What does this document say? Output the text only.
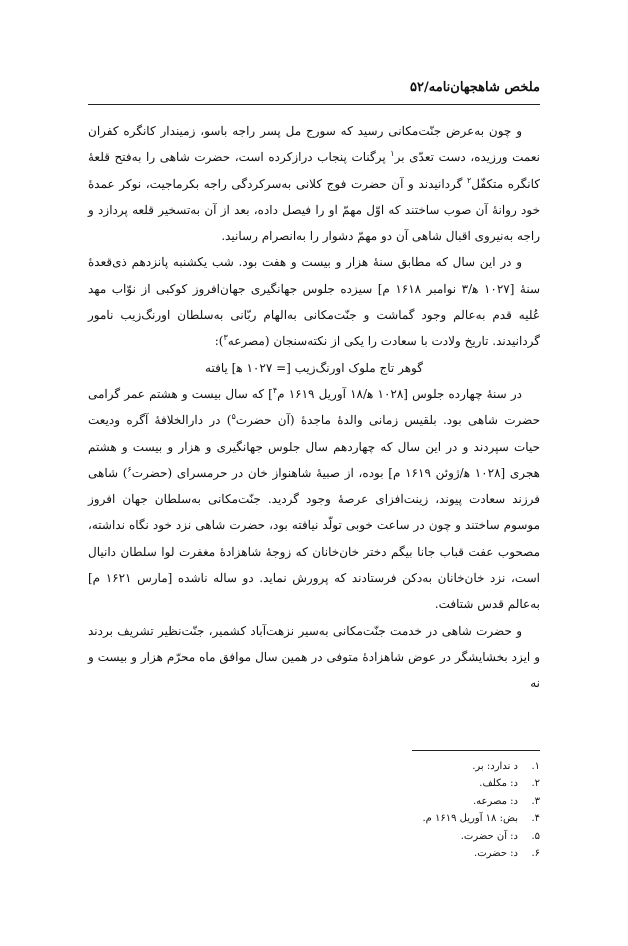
ملخص شاهجهان‌نامه/۵۲

و چون به‌عرض جنّت‌مکانی رسید که سورج مل پسر راجه باسو، زمیندار کانگره کفران نعمت ورزیده، دست تعدّی بر$^۱$ پرگنات پنجاب درازکرده است، حضرت شاهی را به‌فتح قلعهٔ کانگره متکفّل$^۲$ گردانیدند و آن حضرت فوج کلانی به‌سرکردگی راجه بکرماجیت، نوکر عمدهٔ خود روانهٔ آن صوب ساختند که اوّل مهمّ او را فیصل داده، بعد از آن به‌تسخیر قلعه پردازد و راجه به‌نیروی اقبال شاهی آن دو مهمّ دشوار را به‌انصرام رسانید.

و در این سال که مطابق سنهٔ هزار و بیست و هفت بود. شب یکشنبه پانزدهم ذی‌قعدهٔ سنهٔ [۱۰۲۷ ه‍/۳ نوامبر ۱۶۱۸ م] سیزده جلوس جهانگیری جهان‌افروز کوکبی از نوّاب مهد عُلیه قدم به‌عالم وجود گماشت و جنّت‌مکانی به‌الهام ربّانی به‌سلطان اورنگ‌زیب نامور گردانیدند. تاریخ ولادت با سعادت را یکی از نکته‌سنجان (مصرعه$^۳$):

گوهر تاج ملوک اورنگ‌زیب [= ۱۰۲۷ ه‍] یافته

در سنهٔ چهارده جلوس [۱۰۲۸ ه‍/۱۸ آوریل ۱۶۱۹ م$^۴$] که سال بیست و هشتم عمر گرامی حضرت شاهی بود. بلقیس زمانی والدهٔ ماجدهٔ (آن حضرت$^۵$) در دارالخلافهٔ آگره ودیعت حیات سپردند و در این سال که چهاردهم سال جلوس جهانگیری و هزار و بیست و هشتم هجری [۱۰۲۸ ه‍/ژوئن ۱۶۱۹ م] بوده، از صبیهٔ شاهنواز خان در حرمسرای (حضرت$^۶$) شاهی فرزند سعادت پیوند، زینت‌افزای عرصهٔ وجود گردید. جنّت‌مکانی به‌سلطان جهان افروز موسوم ساختند و چون در ساعت خوبی تولّد نیافته بود، حضرت شاهی نزد خود نگاه نداشته، مصحوب عفت قباب جانا بیگم دختر خان‌خانان که زوجهٔ شاهزادهٔ مغفرت لوا سلطان دانیال است، نزد خان‌خانان به‌دکن فرستادند که پرورش نماید. دو ساله ناشده [مارس ۱۶۲۱ م] به‌عالم قدس شتافت.

و حضرت شاهی در خدمت جنّت‌مکانی به‌سیر نزهت‌آباد کشمیر، جنّت‌نظیر تشریف بردند و ایزد بخشایشگر در عوض شاهزادهٔ متوفی در همین سال موافق ماه محرّم هزار و بیست و نه

۱.
د ندارد: بر.
۲.
د: مکلف.
۳.
د: مصرعه.
۴.
بض: ۱۸ آوریل ۱۶۱۹ م.
۵.
د: آن حضرت.
۶.
د: حضرت.
